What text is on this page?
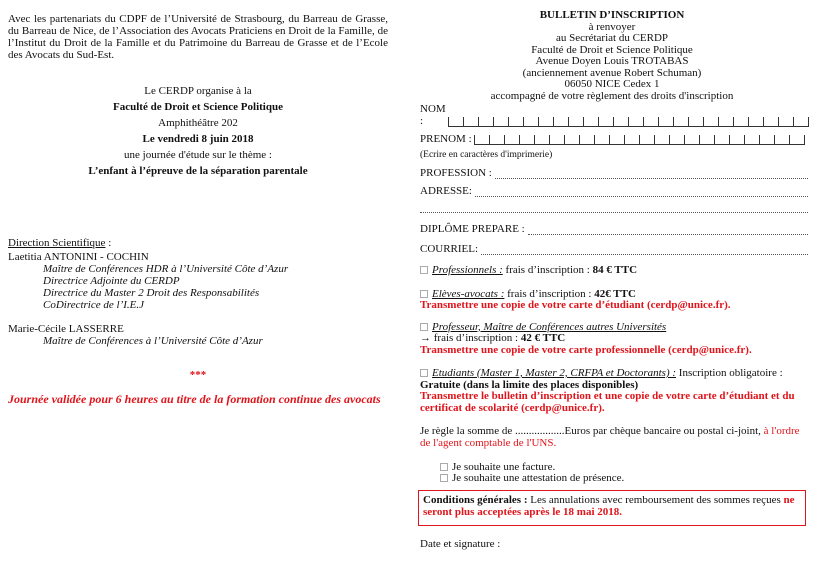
Avec les partenariats du CDPF de l’Université de Strasbourg, du Barreau de Grasse, du Barreau de Nice, de l’Association des Avocats Praticiens en Droit de la Famille, de l’Institut du Droit de la Famille et du Patrimoine du Barreau de Grasse et de l’Ecole des Avocats du Sud-Est.
Le CERDP organise à la
Faculté de Droit et Science Politique
Amphithéâtre 202
Le vendredi 8 juin 2018
une journée d'étude sur le thème :
L’enfant à l’épreuve de la séparation parentale
Direction Scientifique :
Laetitia ANTONINI - COCHIN
Maître de Conférences HDR à l’Université Côte d’Azur
Directrice Adjointe du CERDP
Directrice du Master 2 Droit des Responsabilités
CoDirectrice de l’I.E.J
Marie-Cécile LASSERRE
Maître de Conférences à l’Université Côte d’Azur
***
Journée validée pour 6 heures au titre de la formation continue des avocats
BULLETIN D’INSCRIPTION
à renvoyer
au Secrétariat du CERDP
Faculté de Droit et Science Politique
Avenue Doyen Louis TROTABAS
(anciennement avenue Robert Schuman)
06050 NICE Cedex 1
accompagné de votre règlement des droits d'inscription
NOM :
PRENOM :
(Ecrire en caractères d'imprimerie)
PROFESSION :
ADRESSE:
DIPLÔME PREPARE :
COURRIEL:
Professionnels : frais d’inscription : 84 € TTC
Elèves-avocats : frais d’inscription : 42€ TTC
Transmettre une copie de votre carte d’étudiant (cerdp@unice.fr).
Professeur, Maître de Conférences autres Universités
→ frais d’inscription : 42 € TTC
Transmettre une copie de votre carte professionnelle (cerdp@unice.fr).
Etudiants (Master 1, Master 2, CRFPA et Doctorants) : Inscription obligatoire :
Gratuite (dans la limite des places disponibles)
Transmettre le bulletin d’inscription et une copie de votre carte d’étudiant et du certificat de scolarité (cerdp@unice.fr).
Je règle la somme de ..................Euros par chèque bancaire ou postal ci-joint, à l'ordre de l'agent comptable de l'UNS.
Je souhaite une facture.
Je souhaite une attestation de présence.
Conditions générales : Les annulations avec remboursement des sommes reçues ne seront plus acceptées après le 18 mai 2018.
Date et signature :
